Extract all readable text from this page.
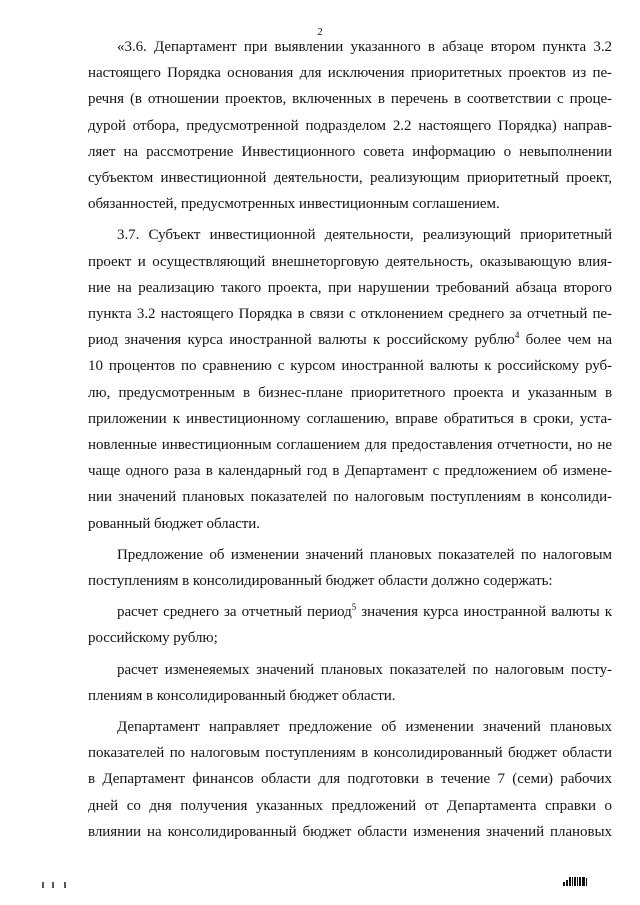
2
«3.6. Департамент при выявлении указанного в абзаце втором пункта 3.2
настоящего Порядка основания для исключения приоритетных проектов из пе-
речня (в отношении проектов, включенных в перечень в соответствии с проце-
дурой отбора, предусмотренной подразделом 2.2 настоящего Порядка) направ-
ляет на рассмотрение Инвестиционного совета информацию о невыполнении
субъектом инвестиционной деятельности, реализующим приоритетный проект,
обязанностей, предусмотренных инвестиционным соглашением.
3.7. Субъект инвестиционной деятельности, реализующий приоритетный
проект и осуществляющий внешнеторговую деятельность, оказывающую влия-
ние на реализацию такого проекта, при нарушении требований абзаца второго
пункта 3.2 настоящего Порядка в связи с отклонением среднего за отчетный пе-
риод значения курса иностранной валюты к российскому рублю$^4$ более чем на
10 процентов по сравнению с курсом иностранной валюты к российскому руб-
лю, предусмотренным в бизнес-плане приоритетного проекта и указанным в
приложении к инвестиционному соглашению, вправе обратиться в сроки, уста-
новленные инвестиционным соглашением для предоставления отчетности, но не
чаще одного раза в календарный год в Департамент с предложением об измене-
нии значений плановых показателей по налоговым поступлениям в консолиди-
рованный бюджет области.
Предложение об изменении значений плановых показателей по налоговым
поступлениям в консолидированный бюджет области должно содержать:
расчет среднего за отчетный период$^5$ значения курса иностранной валюты к
российскому рублю;
расчет изменеяемых значений плановых показателей по налоговым посту-
плениям в консолидированный бюджет области.
Департамент направляет предложение об изменении значений плановых
показателей по налоговым поступлениям в консолидированный бюджет области
в Департамент финансов области для подготовки в течение 7 (семи) рабочих
дней со дня получения указанных предложений от Департамента справки о
влиянии на консолидированный бюджет области изменения значений плановых
